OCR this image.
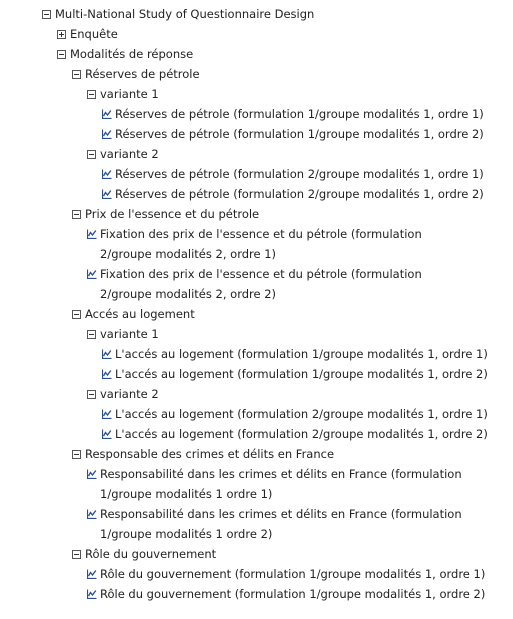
Multi-National Study of Questionnaire Design
Enquête
Modalités de réponse
Réserves de pétrole
variante 1
Réserves de pétrole (formulation 1/groupe modalités 1, ordre 1)
Réserves de pétrole (formulation 1/groupe modalités 1, ordre 2)
variante 2
Réserves de pétrole (formulation 2/groupe modalités 1, ordre 1)
Réserves de pétrole (formulation 2/groupe modalités 1, ordre 2)
Prix de l'essence et du pétrole
Fixation des prix de l'essence et du pétrole (formulation 2/groupe modalités 2, ordre 1)
Fixation des prix de l'essence et du pétrole (formulation 2/groupe modalités 2, ordre 2)
Accés au logement
variante 1
L'accés au logement (formulation 1/groupe modalités 1, ordre 1)
L'accés au logement (formulation 1/groupe modalités 1, ordre 2)
variante 2
L'accés au logement (formulation 2/groupe modalités 1, ordre 1)
L'accés au logement (formulation 2/groupe modalités 1, ordre 2)
Responsable des crimes et délits en France
Responsabilité dans les crimes et délits en France (formulation 1/groupe modalités 1 ordre 1)
Responsabilité dans les crimes et délits en France (formulation 1/groupe modalités 1 ordre 2)
Rôle du gouvernement
Rôle du gouvernement (formulation 1/groupe modalités 1, ordre 1)
Rôle du gouvernement (formulation 1/groupe modalités 1, ordre 2)
